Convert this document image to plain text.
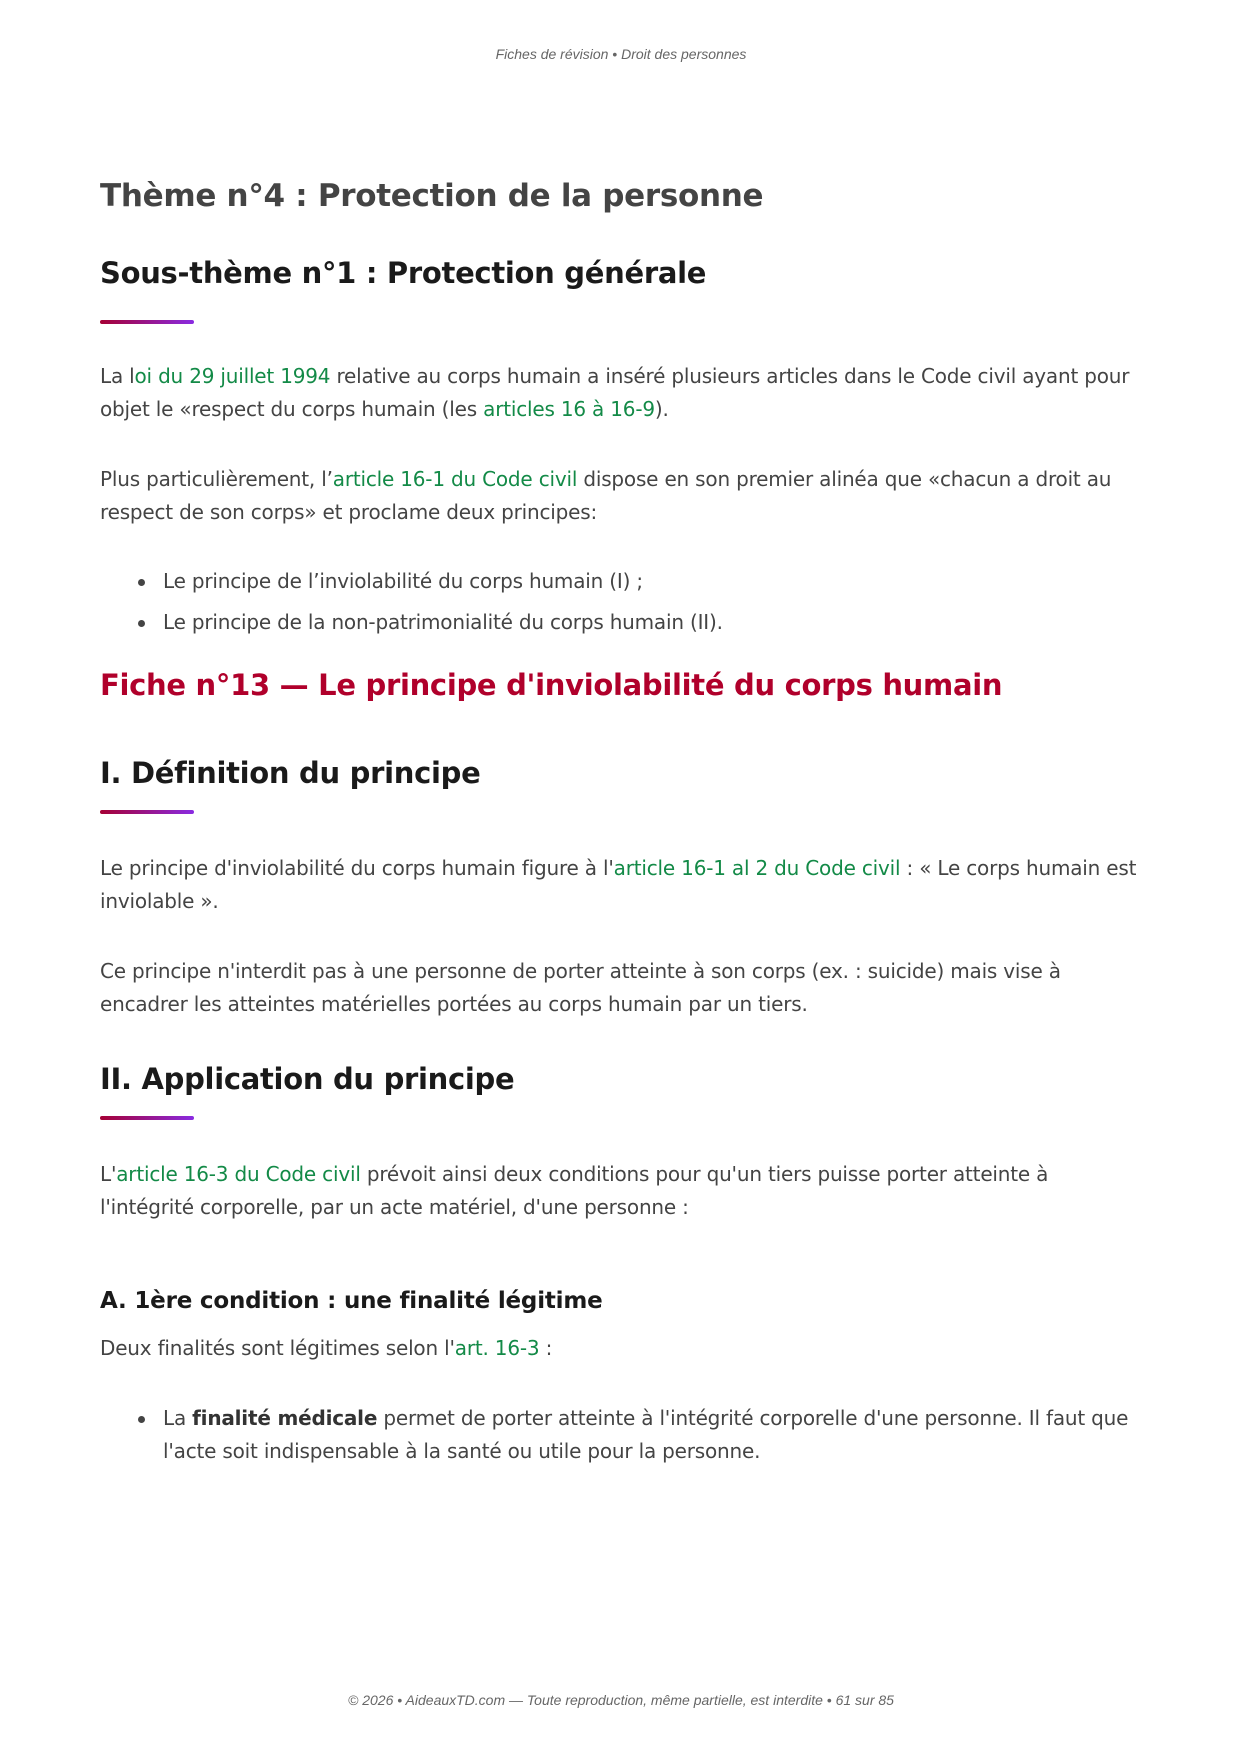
Fiches de révision • Droit des personnes
Thème n°4 : Protection de la personne
Sous-thème n°1 : Protection générale

La loi du 29 juillet 1994 relative au corps humain a inséré plusieurs articles dans le Code civil ayant pour objet le «respect du corps humain (les articles 16 à 16-9).

Plus particulièrement, l’article 16-1 du Code civil dispose en son premier alinéa que «chacun a droit au respect de son corps» et proclame deux principes:

Le principe de l’inviolabilité du corps humain (I) ;
Le principe de la non-patrimonialité du corps humain (II).
Fiche n°13 — Le principe d'inviolabilité du corps humain
I. Définition du principe

Le principe d'inviolabilité du corps humain figure à l'article 16-1 al 2 du Code civil : « Le corps humain est inviolable ».

Ce principe n'interdit pas à une personne de porter atteinte à son corps (ex. : suicide) mais vise à encadrer les atteintes matérielles portées au corps humain par un tiers.

II. Application du principe

L'article 16-3 du Code civil prévoit ainsi deux conditions pour qu'un tiers puisse porter atteinte à l'intégrité corporelle, par un acte matériel, d'une personne :

A. 1ère condition : une finalité légitime

Deux finalités sont légitimes selon l'art. 16-3 :

La finalité médicale permet de porter atteinte à l'intégrité corporelle d'une personne. Il faut que l'acte soit indispensable à la santé ou utile pour la personne.
© 2026 • AideauxTD.com — Toute reproduction, même partielle, est interdite • 61 sur 85
